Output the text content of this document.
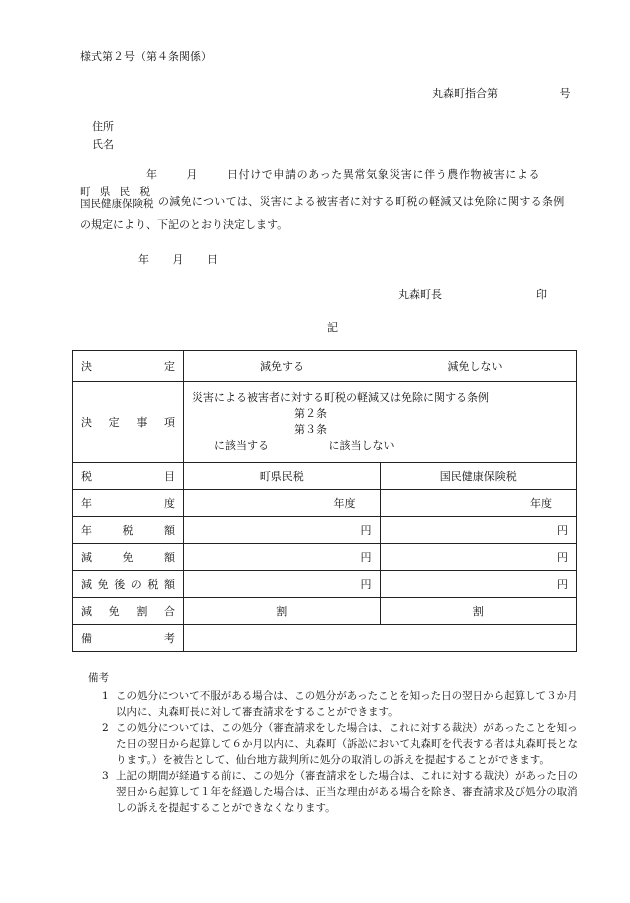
様式第２号（第４条関係）
丸森町指合第	号
住所
氏名
年	月	日付けで申請のあった異常気象災害に伴う農作物被害による
町 県 民 税
国民健康保険税 の減免については、災害による被害者に対する町税の軽減又は免除に関する条例
の規定により、下記のとおり決定します。
年 月 日
丸森町長	印
記
決定	減免する 減免しない	
決定事項	災害による被害者に対する町税の軽減又は免除に関する条例
第２条
第３条
に該当する に該当しない	

税目	町県民税	国民健康保険税
年度	年度	年度
年税額	円	円
減免額	円	円
減免後の税額	円	円
減免割合	割	割
備考		
備考
1 この処分について不服がある場合は、この処分があったことを知った日の翌日から起算して３か月以内に、丸森町長に対して審査請求をすることができます。
2 この処分については、この処分（審査請求をした場合は、これに対する裁決）があったことを知った日の翌日から起算して６か月以内に、丸森町（訴訟において丸森町を代表する者は丸森町長となります。）を被告として、仙台地方裁判所に処分の取消しの訴えを提起することができます。
3 上記の期間が経過する前に、この処分（審査請求をした場合は、これに対する裁決）があった日の翌日から起算して１年を経過した場合は、正当な理由がある場合を除き、審査請求及び処分の取消しの訴えを提起することができなくなります。
